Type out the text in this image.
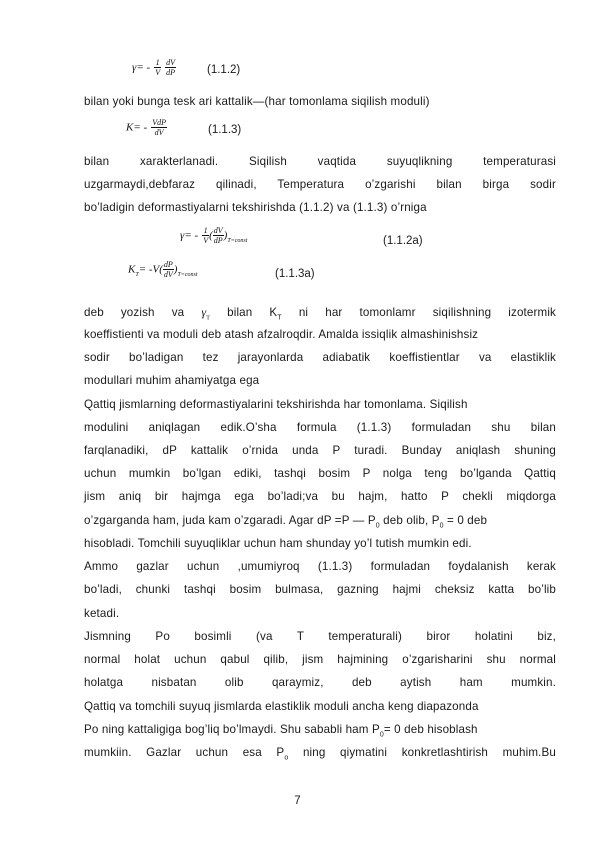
$\gamma= - \frac{1}{V}$
$\frac{dV}{dP}$	(1.1.2)
bilan yoki bunga tesk ari kattalik—(har tomonlama siqilish moduli)
$K= - \frac{\text{VdP}}{dV}$	(1.1.3)
bilan xarakterlanadi. Siqilish vaqtida suyuqlikning temperaturasi
uzgarmaydi,debfaraz qilinadi, Temperatura o’zgarishi bilan birga sodir
bo’ladigin deformastiyalarni tekshirishda (1.1.2) va (1.1.3) o’rniga
$\gamma= - \frac{1}{V}$ ( $\frac{dV}{dP} )_{T=const}$	(1.1.2a)
$K_T= -V( \frac{dP}{dV} )_{T=const}$	(1.1.3a)
deb yozish va $\gamma_T$ bilan $K_T$ ni har tomonlamr siqilishning izotermik
koeffistienti va moduli deb atash afzalroqdir. Amalda issiqlik almashinishsiz
sodir bo’ladigan tez jarayonlarda adiabatik koeffistientlar va elastiklik
modullari muhim ahamiyatga ega
Qattiq jismlarning deformastiyalarini tekshirishda har tomonlama. Siqilish
modulini aniqlagan edik.O’sha formula (1.1.3) formuladan shu bilan
farqlanadiki, dP kattalik o’rnida unda P turadi. Bunday aniqlash shuning
uchun mumkin bo’lgan ediki, tashqi bosim P nolga teng bo’lganda Qattiq
jism aniq bir hajmga ega bo’ladi;va bu hajm, hatto P chekli miqdorga
o’zgarganda ham, juda kam o’zgaradi. Agar dP =P — $P_0$ deb olib, $P_0 = 0$ deb
hisobladi. Tomchili suyuqliklar uchun ham shunday yo’l tutish mumkin edi.
Ammo gazlar uchun ,umumiyroq (1.1.3) formuladan foydalanish kerak
bo’ladi, chunki tashqi bosim bulmasa, gazning hajmi cheksiz katta bo’lib
ketadi.
Jismning Po bosimli (va T temperaturali) biror holatini biz,
normal holat uchun qabul qilib, jism hajmining o’zgarisharini shu normal
holatga nisbatan olib qaraymiz, deb aytish ham mumkin.
Qattiq va tomchili suyuq jismlarda elastiklik moduli ancha keng diapazonda
Po ning kattaligiga bog’liq bo’lmaydi. Shu sababli ham $P_0= 0$ deb hisoblash
mumkiin. Gazlar uchun esa $P_o$ ning qiymatini konkretlashtirish muhim.Bu
7
